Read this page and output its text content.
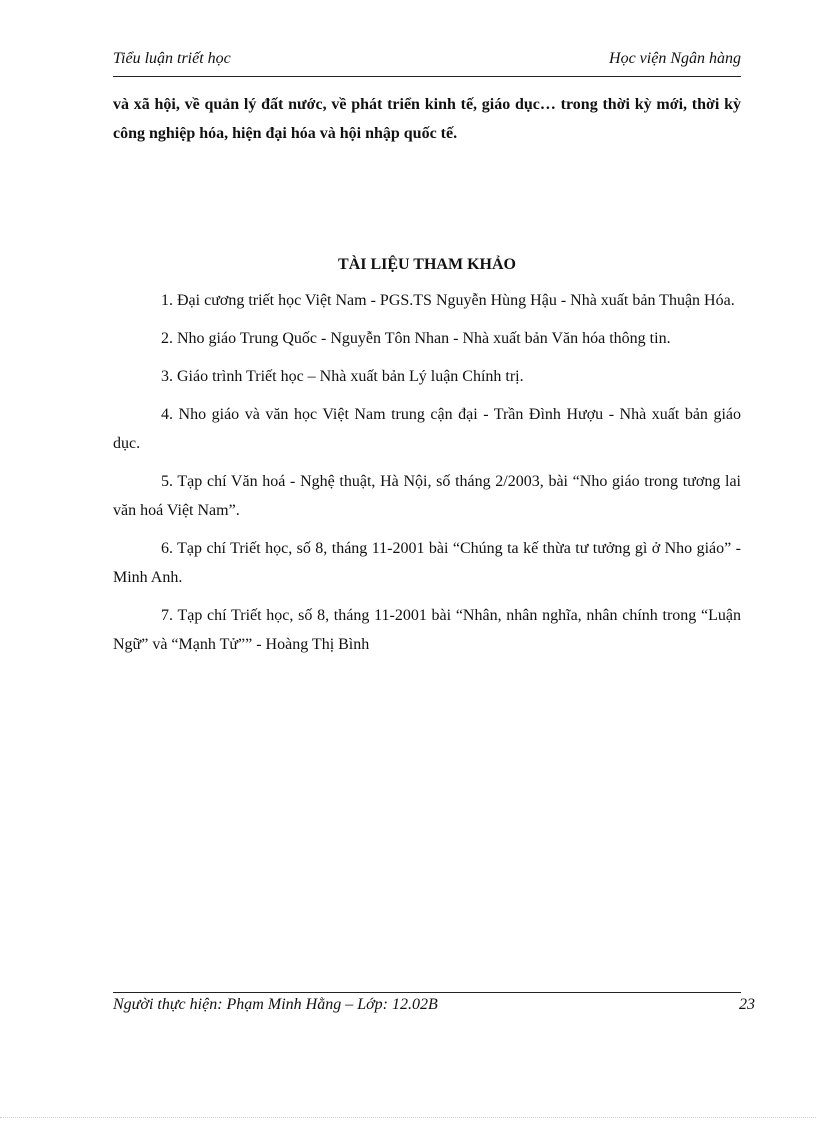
Tiểu luận triết học	Học viện Ngân hàng

và xã hội, về quản lý đất nước, về phát triển kinh tế, giáo dục… trong thời kỳ mới, thời kỳ công nghiệp hóa, hiện đại hóa và hội nhập quốc tế.

TÀI LIỆU THAM KHẢO

1. Đại cương triết học Việt Nam - PGS.TS Nguyễn Hùng Hậu - Nhà xuất bản Thuận Hóa.

2. Nho giáo Trung Quốc - Nguyễn Tôn Nhan - Nhà xuất bản Văn hóa thông tin.

3. Giáo trình Triết học – Nhà xuất bản Lý luận Chính trị.

4. Nho giáo và văn học Việt Nam trung cận đại - Trần Đình Hượu - Nhà xuất bản giáo dục.

5. Tạp chí Văn hoá - Nghệ thuật, Hà Nội, số tháng 2/2003, bài “Nho giáo trong tương lai văn hoá Việt Nam”.

6. Tạp chí Triết học, số 8, tháng 11-2001 bài “Chúng ta kế thừa tư tưởng gì ở Nho giáo” - Minh Anh.

7. Tạp chí Triết học, số 8, tháng 11-2001 bài “Nhân, nhân nghĩa, nhân chính trong “Luận Ngữ” và “Mạnh Tử”” - Hoàng Thị Bình

Người thực hiện: Phạm Minh Hằng – Lớp: 12.02B	23
